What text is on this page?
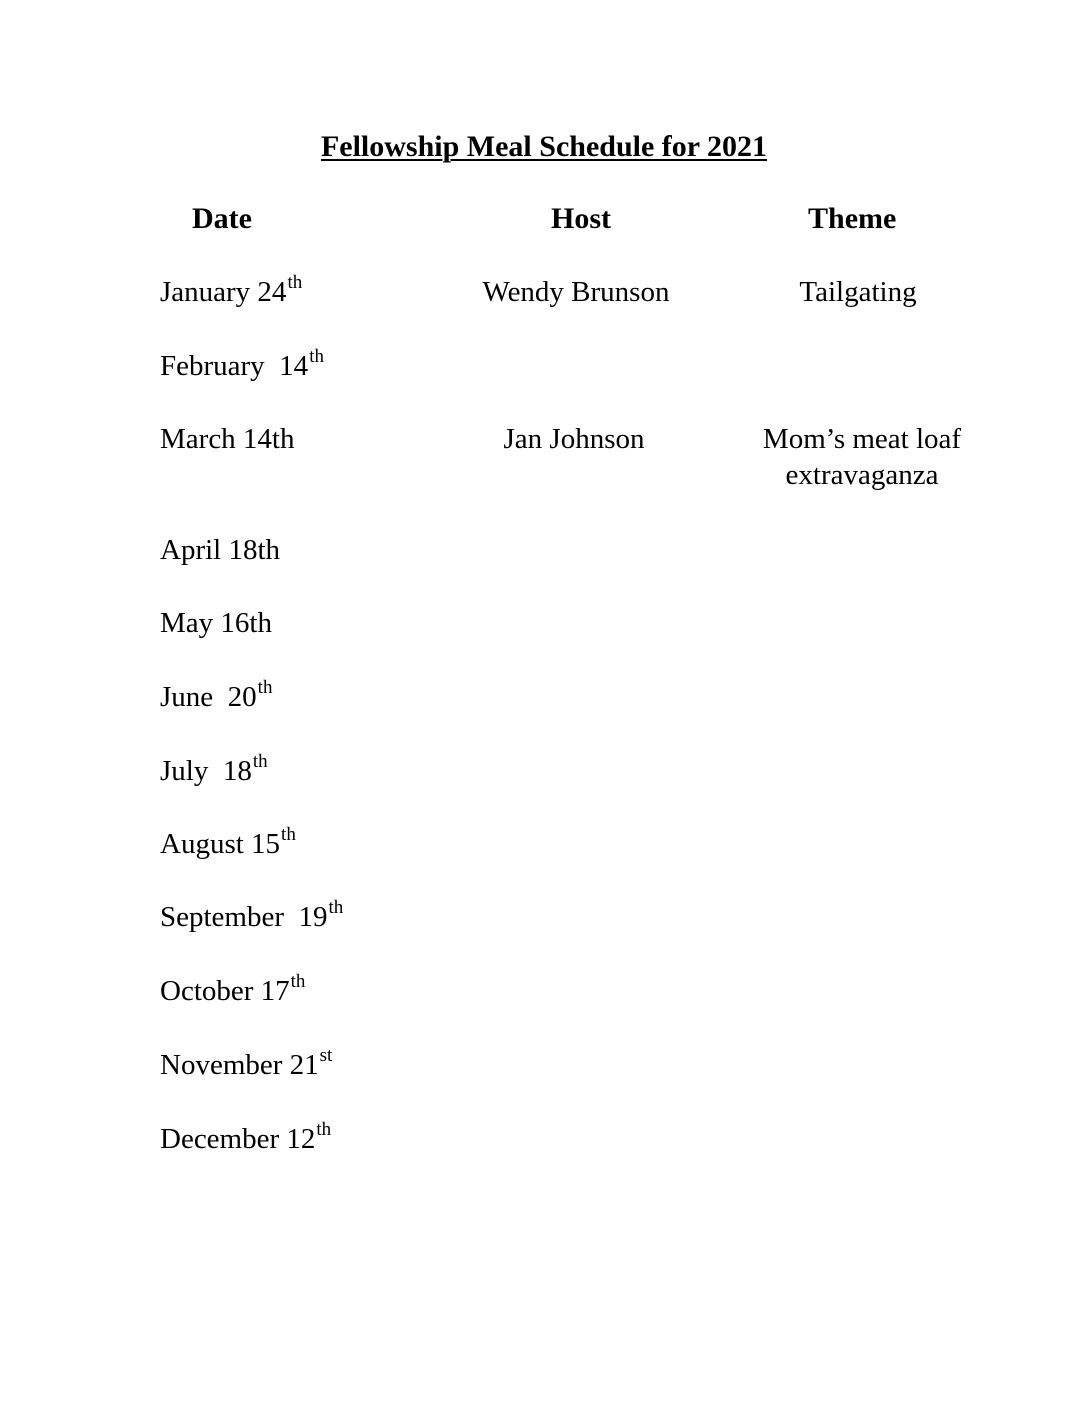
Fellowship Meal Schedule for 2021
Date	Host	Theme
January 24th	Wendy Brunson	Tailgating
February  14th
March 14th	Jan Johnson	Mom’s meat loaf extravaganza
April 18th
May 16th
June  20th
July  18th
August 15th
September  19th
October 17th
November 21st
December 12th
